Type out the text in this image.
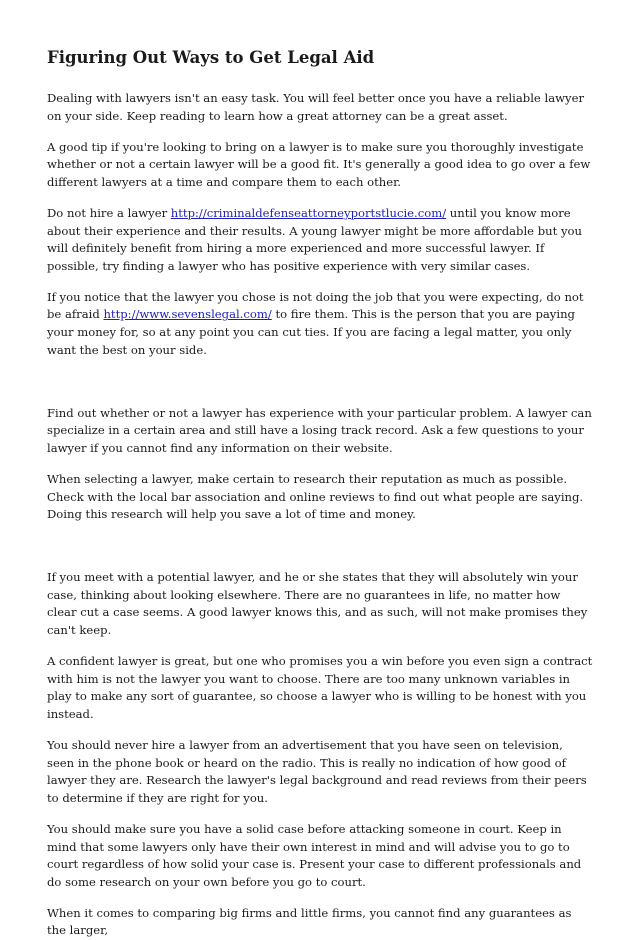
Figuring Out Ways to Get Legal Aid

Dealing with lawyers isn't an easy task. You will feel better once you have a reliable lawyer on your side. Keep reading to learn how a great attorney can be a great asset.

A good tip if you're looking to bring on a lawyer is to make sure you thoroughly investigate whether or not a certain lawyer will be a good fit. It's generally a good idea to go over a few different lawyers at a time and compare them to each other.

Do not hire a lawyer http://criminaldefenseattorneyportstlucie.com/ until you know more about their experience and their results. A young lawyer might be more affordable but you will definitely benefit from hiring a more experienced and more successful lawyer. If possible, try finding a lawyer who has positive experience with very similar cases.

If you notice that the lawyer you chose is not doing the job that you were expecting, do not be afraid http://www.sevenslegal.com/ to fire them. This is the person that you are paying your money for, so at any point you can cut ties. If you are facing a legal matter, you only want the best on your side.

Find out whether or not a lawyer has experience with your particular problem. A lawyer can specialize in a certain area and still have a losing track record. Ask a few questions to your lawyer if you cannot find any information on their website.

When selecting a lawyer, make certain to research their reputation as much as possible. Check with the local bar association and online reviews to find out what people are saying. Doing this research will help you save a lot of time and money.

If you meet with a potential lawyer, and he or she states that they will absolutely win your case, thinking about looking elsewhere. There are no guarantees in life, no matter how clear cut a case seems. A good lawyer knows this, and as such, will not make promises they can't keep.

A confident lawyer is great, but one who promises you a win before you even sign a contract with him is not the lawyer you want to choose. There are too many unknown variables in play to make any sort of guarantee, so choose a lawyer who is willing to be honest with you instead.

You should never hire a lawyer from an advertisement that you have seen on television, seen in the phone book or heard on the radio. This is really no indication of how good of lawyer they are. Research the lawyer's legal background and read reviews from their peers to determine if they are right for you.

You should make sure you have a solid case before attacking someone in court. Keep in mind that some lawyers only have their own interest in mind and will advise you to go to court regardless of how solid your case is. Present your case to different professionals and do some research on your own before you go to court.

When it comes to comparing big firms and little firms, you cannot find any guarantees as the larger,
